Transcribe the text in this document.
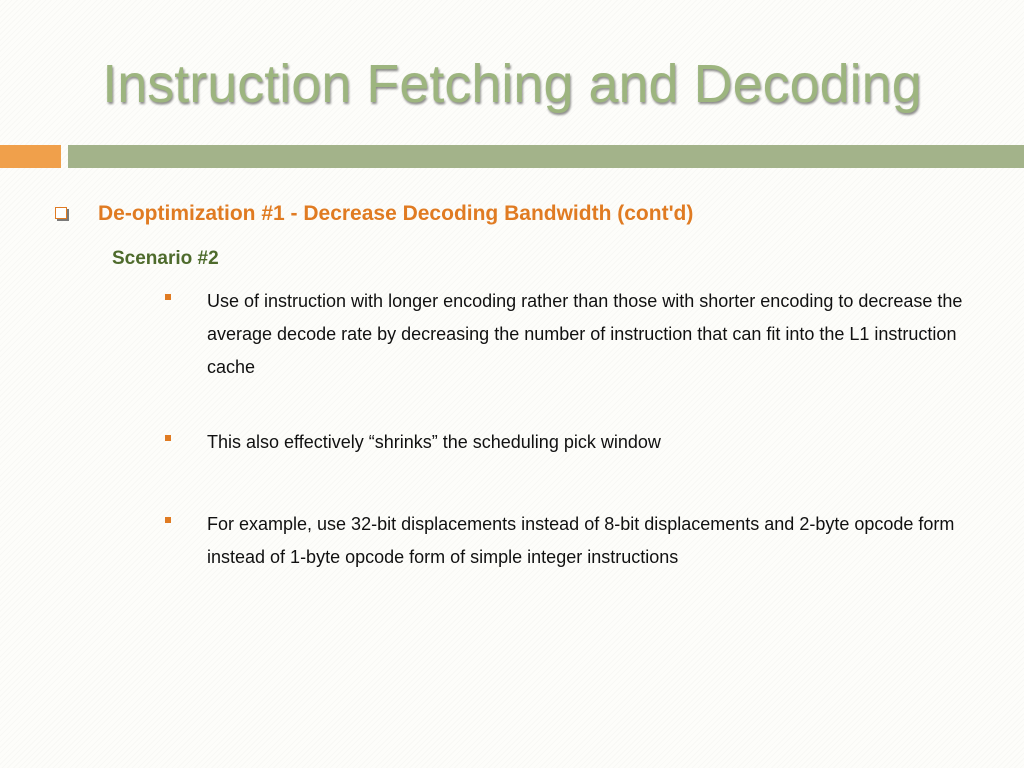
Instruction Fetching and Decoding
De-optimization #1 - Decrease Decoding Bandwidth (cont'd)
Scenario #2
Use of instruction with longer encoding rather than those with shorter encoding to decrease the average decode rate by decreasing the number of instruction that can fit into the L1 instruction cache
This also effectively “shrinks” the scheduling pick window
For example, use 32-bit displacements instead of 8-bit displacements and 2-byte opcode form instead of 1-byte opcode form of simple integer instructions
